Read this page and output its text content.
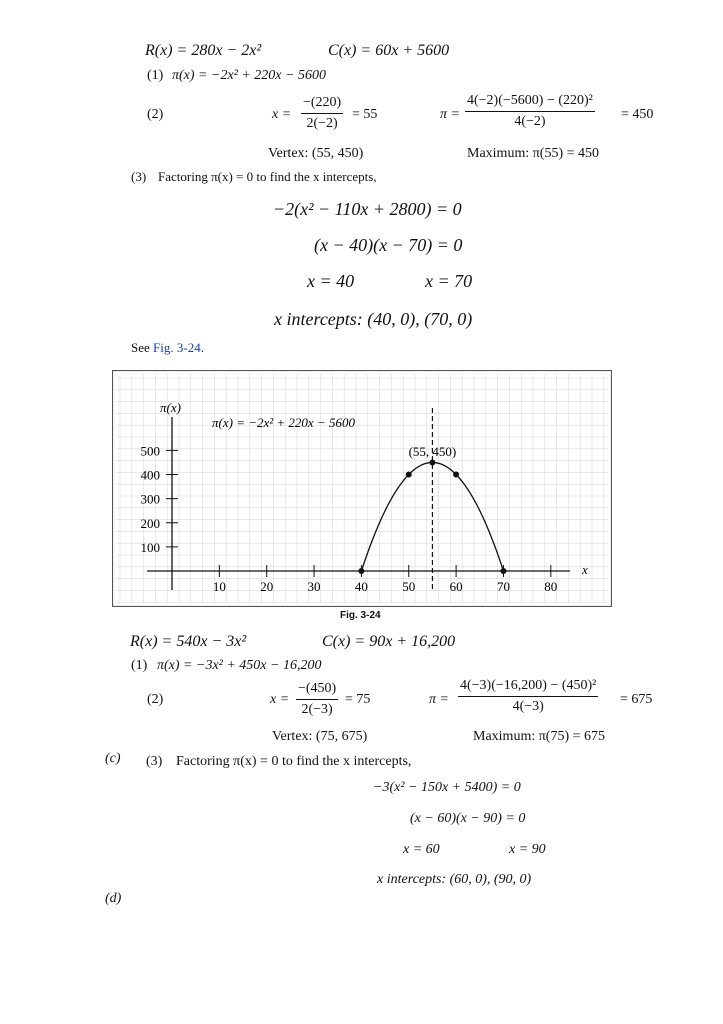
R(x) = 280x − 2x²	C(x) = 60x + 5600
(1) π(x) = −2x² + 220x − 5600
(2)	$x = \frac{-(220)}{2(-2)} = 55$	$\pi = \frac{\text{4(−2)(−5600) − (220)²}}{4(-2)} = 450$
Vertex: (55, 450)	Maximum: π(55) = 450
(3) Factoring π(x) = 0 to find the x intercepts,
−2(x² − 110x + 2800) = 0
(x − 40)(x − 70) = 0
x = 40	x = 70
x intercepts: (40, 0), (70, 0)
See Fig. 3-24.
10	20	30	40	50	60	70	80
100
200
300
400
500
π(x)
π(x) = −2x² + 220x − 5600
x
(55, 450)
Fig. 3-24
R(x) = 540x − 3x²	C(x) = 90x + 16,200
(1) π(x) = −3x² + 450x − 16,200
(2)	$x = \frac{-(450)}{2(-3)} = 75$	$\pi = \frac{\text{4(−3)(−16,200) − (450)²}}{4(-3)} = 675$
Vertex: (75, 675)	Maximum: π(75) = 675
(c) (3) Factoring π(x) = 0 to find the x intercepts,
−3(x² − 150x + 5400) = 0
(x − 60)(x − 90) = 0
x = 60	x = 90
x intercepts: (60, 0), (90, 0)
(d)
